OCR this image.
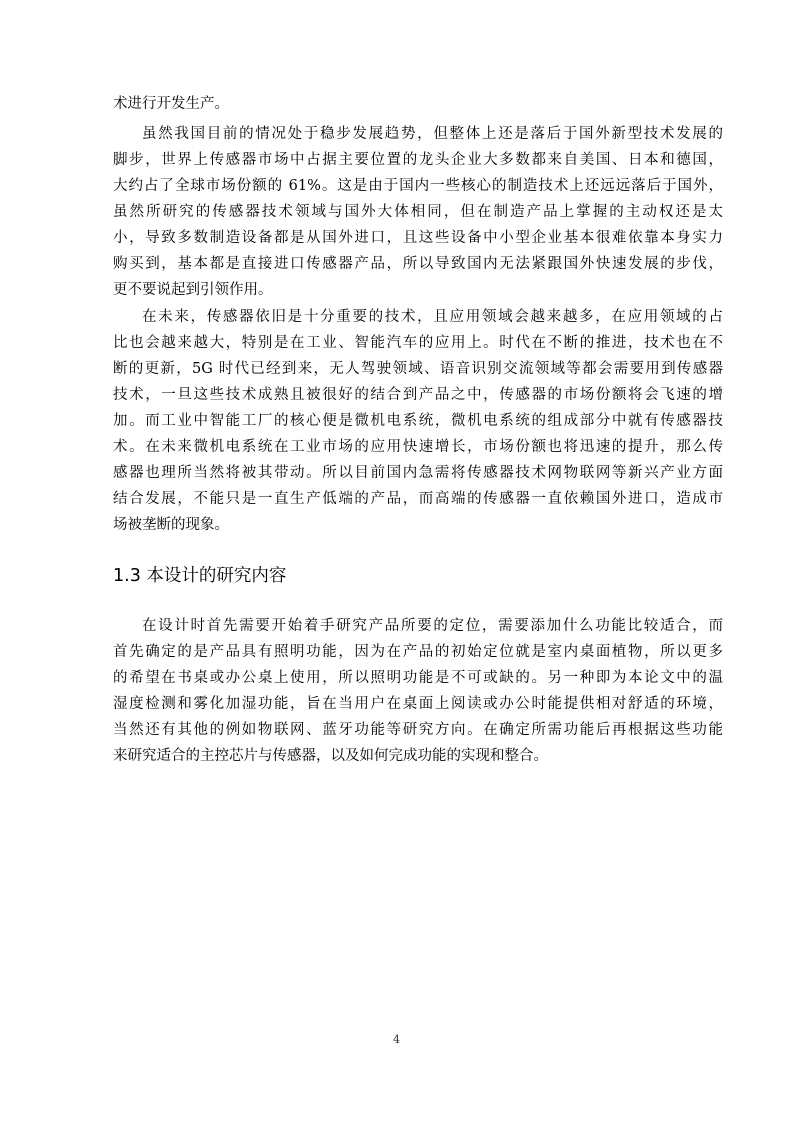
术进行开发生产。
虽然我国目前的情况处于稳步发展趋势，但整体上还是落后于国外新型技术发展的
脚步，世界上传感器市场中占据主要位置的龙头企业大多数都来自美国、日本和德国，
大约占了全球市场份额的 61%。这是由于国内一些核心的制造技术上还远远落后于国外，
虽然所研究的传感器技术领域与国外大体相同，但在制造产品上掌握的主动权还是太
小，导致多数制造设备都是从国外进口，且这些设备中小型企业基本很难依靠本身实力
购买到，基本都是直接进口传感器产品，所以导致国内无法紧跟国外快速发展的步伐，
更不要说起到引领作用。
在未来，传感器依旧是十分重要的技术，且应用领域会越来越多，在应用领域的占
比也会越来越大，特别是在工业、智能汽车的应用上。时代在不断的推进，技术也在不
断的更新，5G 时代已经到来，无人驾驶领域、语音识别交流领域等都会需要用到传感器
技术，一旦这些技术成熟且被很好的结合到产品之中，传感器的市场份额将会飞速的增
加。而工业中智能工厂的核心便是微机电系统，微机电系统的组成部分中就有传感器技
术。在未来微机电系统在工业市场的应用快速增长，市场份额也将迅速的提升，那么传
感器也理所当然将被其带动。所以目前国内急需将传感器技术网物联网等新兴产业方面
结合发展，不能只是一直生产低端的产品，而高端的传感器一直依赖国外进口，造成市
场被垄断的现象。
1.3 本设计的研究内容
在设计时首先需要开始着手研究产品所要的定位，需要添加什么功能比较适合，而
首先确定的是产品具有照明功能，因为在产品的初始定位就是室内桌面植物，所以更多
的希望在书桌或办公桌上使用，所以照明功能是不可或缺的。另一种即为本论文中的温
湿度检测和雾化加湿功能，旨在当用户在桌面上阅读或办公时能提供相对舒适的环境，
当然还有其他的例如物联网、蓝牙功能等研究方向。在确定所需功能后再根据这些功能
来研究适合的主控芯片与传感器，以及如何完成功能的实现和整合。
4
